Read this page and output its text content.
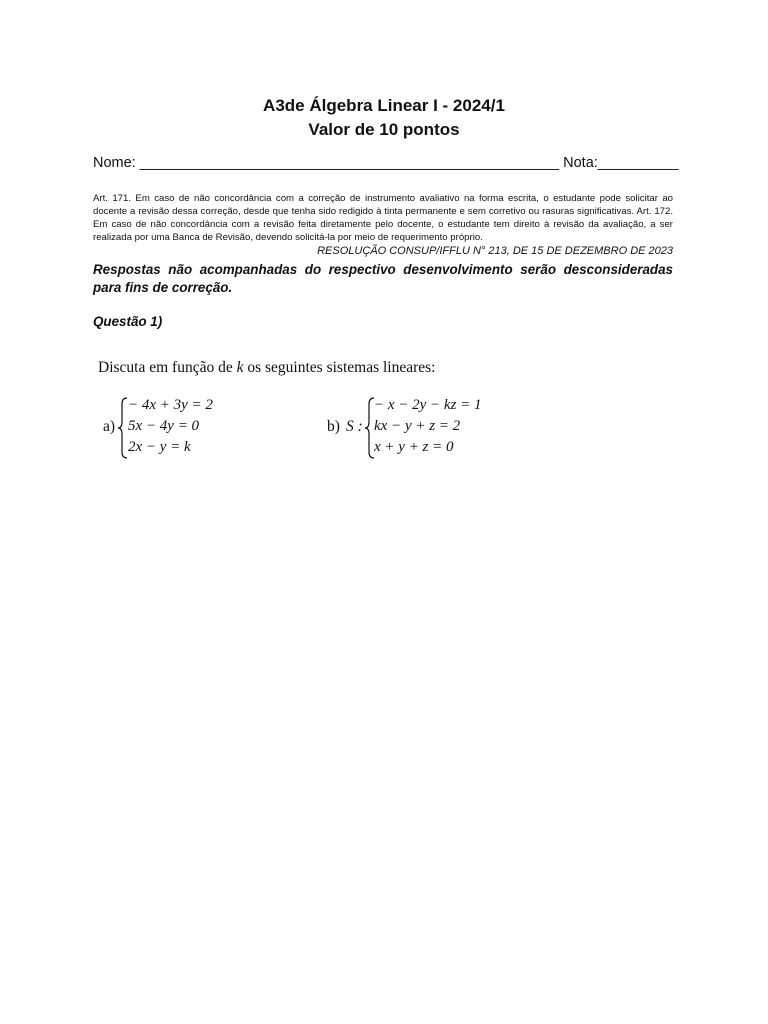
A3de Álgebra Linear I - 2024/1
Valor de 10 pontos
Nome: ____________________________________________________ Nota:__________
Art. 171. Em caso de não concordância com a correção de instrumento avaliativo na forma escrita, o estudante pode solicitar ao docente a revisão dessa correção, desde que tenha sido redigido à tinta permanente e sem corretivo ou rasuras significativas. Art. 172. Em caso de não concordância com a revisão feita diretamente pelo docente, o estudante tem direito à revisão da avaliação, a ser realizada por uma Banca de Revisão, devendo solicitá-la por meio de requerimento próprio.
RESOLUÇÃO CONSUP/IFFLU N° 213, DE 15 DE DEZEMBRO DE 2023
Respostas não acompanhadas do respectivo desenvolvimento serão desconsideradas para fins de correção.
Questão 1)
Discuta em função de k os seguintes sistemas lineares:
a)
− 4x + 3y = 2
5x − 4y = 0
2x − y = k
b) S :
− x − 2y − kz = 1
kx − y + z = 2
x + y + z = 0
